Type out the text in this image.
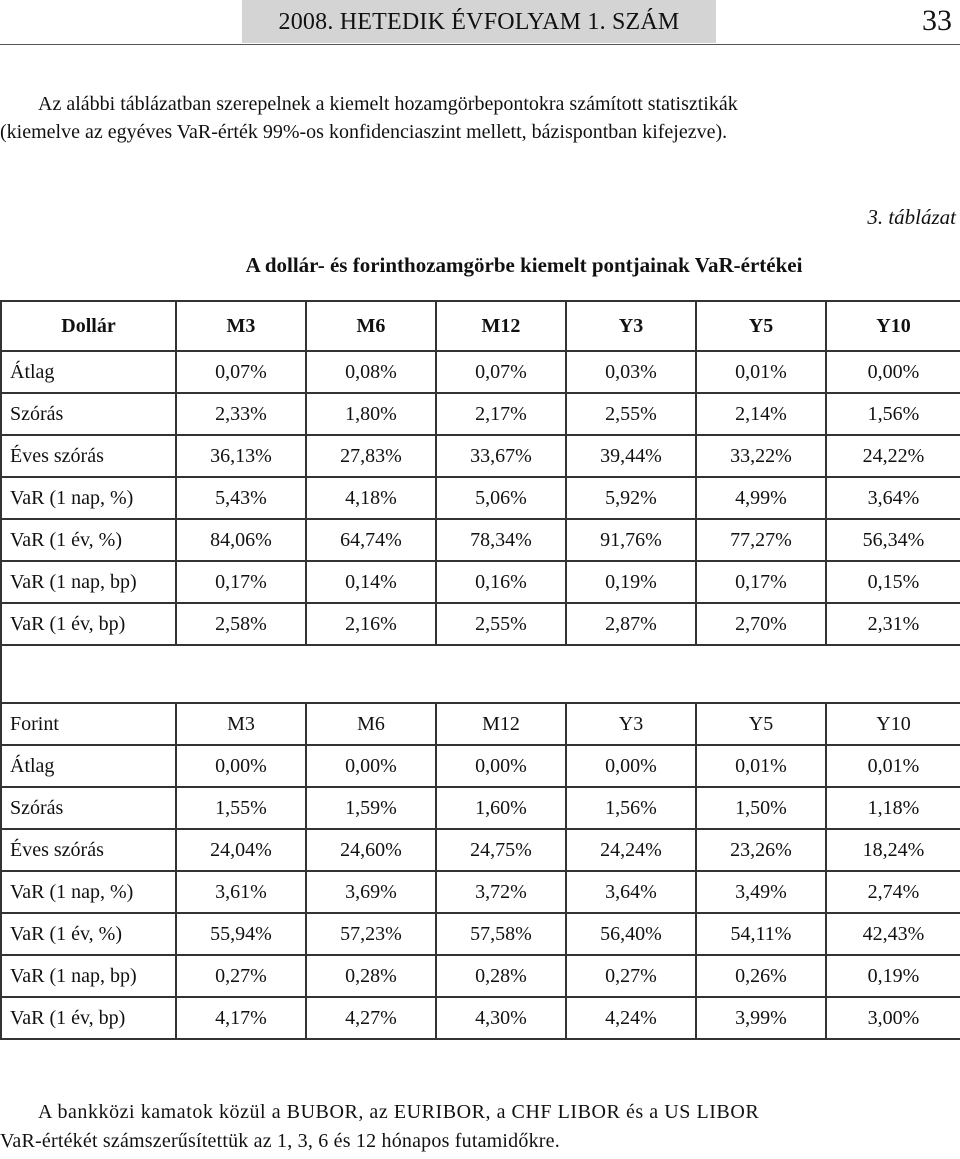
2008. HETEDIK ÉVFOLYAM 1. SZÁM	33
Az alábbi táblázatban szerepelnek a kiemelt hozamgörbepontokra számított statisztikák
(kiemelve az egyéves VaR-érték 99%-os konfidenciaszint mellett, bázispontban kifejezve).
3. táblázat
A dollár- és forinthozamgörbe kiemelt pontjainak VaR-értékei
Dollár	M3	M6	M12	Y3	Y5	Y10
Átlag	0,07%	0,08%	0,07%	0,03%	0,01%	0,00%
Szórás	2,33%	1,80%	2,17%	2,55%	2,14%	1,56%
Éves szórás	36,13%	27,83%	33,67%	39,44%	33,22%	24,22%
VaR (1 nap, %)	5,43%	4,18%	5,06%	5,92%	4,99%	3,64%
VaR (1 év, %)	84,06%	64,74%	78,34%	91,76%	77,27%	56,34%
VaR (1 nap, bp)	0,17%	0,14%	0,16%	0,19%	0,17%	0,15%
VaR (1 év, bp)	2,58%	2,16%	2,55%	2,87%	2,70%	2,31%

Forint	M3	M6	M12	Y3	Y5	Y10
Átlag	0,00%	0,00%	0,00%	0,00%	0,01%	0,01%
Szórás	1,55%	1,59%	1,60%	1,56%	1,50%	1,18%
Éves szórás	24,04%	24,60%	24,75%	24,24%	23,26%	18,24%
VaR (1 nap, %)	3,61%	3,69%	3,72%	3,64%	3,49%	2,74%
VaR (1 év, %)	55,94%	57,23%	57,58%	56,40%	54,11%	42,43%
VaR (1 nap, bp)	0,27%	0,28%	0,28%	0,27%	0,26%	0,19%
VaR (1 év, bp)	4,17%	4,27%	4,30%	4,24%	3,99%	3,00%
A bankközi kamatok közül a BUBOR, az EURIBOR, a CHF LIBOR és a US LIBOR
VaR-értékét számszerűsítettük az 1, 3, 6 és 12 hónapos futamidőkre.
